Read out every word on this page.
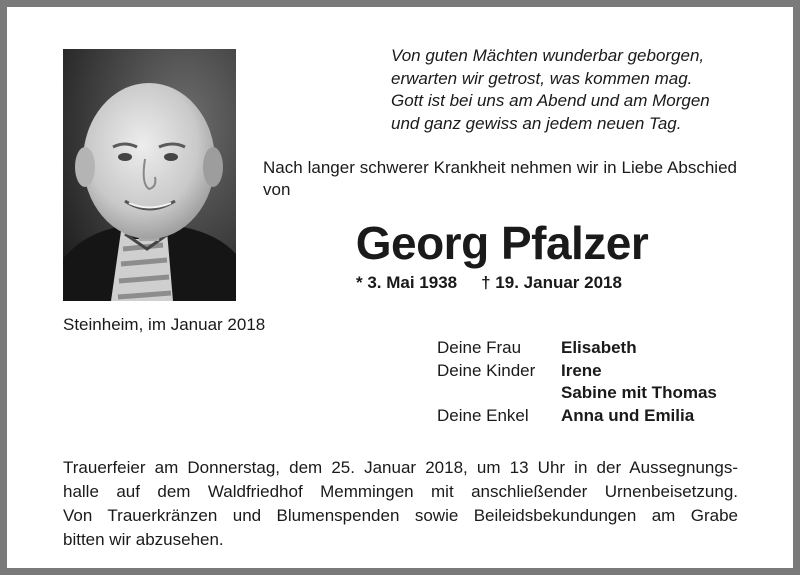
Von guten Mächten wunderbar geborgen,
erwarten wir getrost, was kommen mag.
Gott ist bei uns am Abend und am Morgen
und ganz gewiss an jedem neuen Tag.
Nach langer schwerer Krankheit nehmen wir in Liebe Abschied von
Georg Pfalzer
* 3. Mai 1938 † 19. Januar 2018
Steinheim, im Januar 2018
Deine Frau	Elisabeth
Deine Kinder	Irene
Sabine mit Thomas
Deine Enkel	Anna und Emilia
Trauerfeier am Donnerstag, dem 25. Januar 2018, um 13 Uhr in der Aussegnungs-
halle auf dem Waldfriedhof Memmingen mit anschließender Urnenbeisetzung.
Von Trauerkränzen und Blumenspenden sowie Beileidsbekundungen am Grabe
bitten wir abzusehen.
